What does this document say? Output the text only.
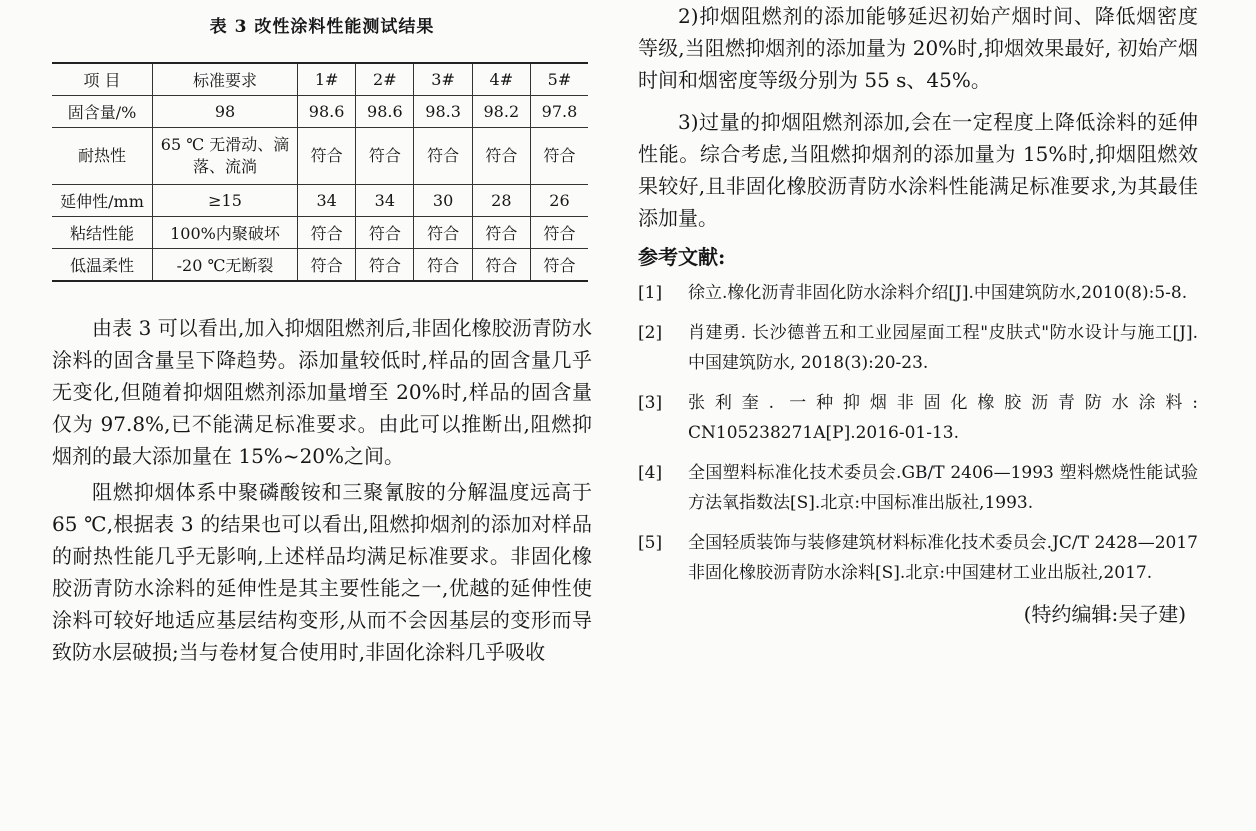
表 3 改性涂料性能测试结果
项 目	标准要求	1#	2#	3#	4#	5#
固含量/%	98	98.6	98.6	98.3	98.2	97.8
耐热性	65 ℃ 无滑动、滴落、流淌	符合	符合	符合	符合	符合
延伸性/mm	≥15	34	34	30	28	26
粘结性能	100%内聚破坏	符合	符合	符合	符合	符合
低温柔性	-20 ℃无断裂	符合	符合	符合	符合	符合

由表 3 可以看出,加入抑烟阻燃剂后,非固化橡胶沥青防水涂料的固含量呈下降趋势。添加量较低时,样品的固含量几乎无变化,但随着抑烟阻燃剂添加量增至 20%时,样品的固含量仅为 97.8%,已不能满足标准要求。由此可以推断出,阻燃抑烟剂的最大添加量在 15%~20%之间。

阻燃抑烟体系中聚磷酸铵和三聚氰胺的分解温度远高于 65 ℃,根据表 3 的结果也可以看出,阻燃抑烟剂的添加对样品的耐热性能几乎无影响,上述样品均满足标准要求。非固化橡胶沥青防水涂料的延伸性是其主要性能之一,优越的延伸性使涂料可较好地适应基层结构变形,从而不会因基层的变形而导致防水层破损;当与卷材复合使用时,非固化涂料几乎吸收

2)抑烟阻燃剂的添加能够延迟初始产烟时间、降低烟密度等级,当阻燃抑烟剂的添加量为 20%时,抑烟效果最好, 初始产烟时间和烟密度等级分别为 55 s、45%。

3)过量的抑烟阻燃剂添加,会在一定程度上降低涂料的延伸性能。综合考虑,当阻燃抑烟剂的添加量为 15%时,抑烟阻燃效果较好,且非固化橡胶沥青防水涂料性能满足标准要求,为其最佳添加量。

参考文献:
[1] 徐立.橡化沥青非固化防水涂料介绍[J].中国建筑防水,2010(8):5-8.
[2] 肖建勇. 长沙德普五和工业园屋面工程"皮肤式"防水设计与施工[J].中国建筑防水, 2018(3):20-23.
[3] 张利奎. 一种抑烟非固化橡胶沥青防水涂料: CN105238271A[P].2016-01-13.
[4] 全国塑料标准化技术委员会.GB/T 2406—1993 塑料燃烧性能试验方法氧指数法[S].北京:中国标准出版社,1993.
[5] 全国轻质装饰与装修建筑材料标准化技术委员会.JC/T 2428—2017 非固化橡胶沥青防水涂料[S].北京:中国建材工业出版社,2017.
(特约编辑:吴子建)
